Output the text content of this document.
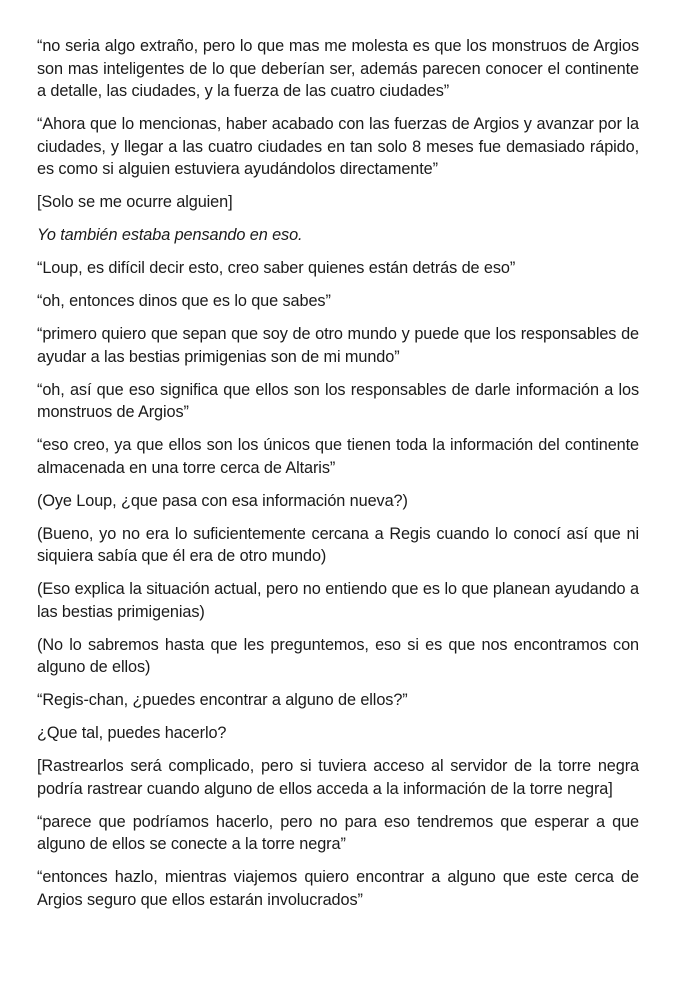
“no seria algo extraño, pero lo que mas me molesta es que los monstruos de Argios son mas inteligentes de lo que deberían ser, además parecen conocer el continente a detalle, las ciudades, y la fuerza de las cuatro ciudades”

“Ahora que lo mencionas, haber acabado con las fuerzas de Argios y avanzar por la ciudades, y llegar a las cuatro ciudades en tan solo 8 meses fue demasiado rápido, es como si alguien estuviera ayudándolos directamente”

[Solo se me ocurre alguien]

Yo también estaba pensando en eso.

“Loup, es difícil decir esto, creo saber quienes están detrás de eso”

“oh, entonces dinos que es lo que sabes”

“primero quiero que sepan que soy de otro mundo y puede que los responsables de ayudar a las bestias primigenias son de mi mundo”

“oh, así que eso significa que ellos son los responsables de darle información a los monstruos de Argios”

“eso creo, ya que ellos son los únicos que tienen toda la información del continente almacenada en una torre cerca de Altaris”

(Oye Loup, ¿que pasa con esa información nueva?)

(Bueno, yo no era lo suficientemente cercana a Regis cuando lo conocí así que ni siquiera sabía que él era de otro mundo)

(Eso explica la situación actual, pero no entiendo que es lo que planean ayudando a las bestias primigenias)

(No lo sabremos hasta que les preguntemos, eso si es que nos encontramos con alguno de ellos)

“Regis-chan, ¿puedes encontrar a alguno de ellos?”

¿Que tal, puedes hacerlo?

[Rastrearlos será complicado, pero si tuviera acceso al servidor de la torre negra podría rastrear cuando alguno de ellos acceda a la información de la torre negra]

“parece que podríamos hacerlo, pero no para eso tendremos que esperar a que alguno de ellos se conecte a la torre negra”

“entonces hazlo, mientras viajemos quiero encontrar a alguno que este cerca de Argios seguro que ellos estarán involucrados”
